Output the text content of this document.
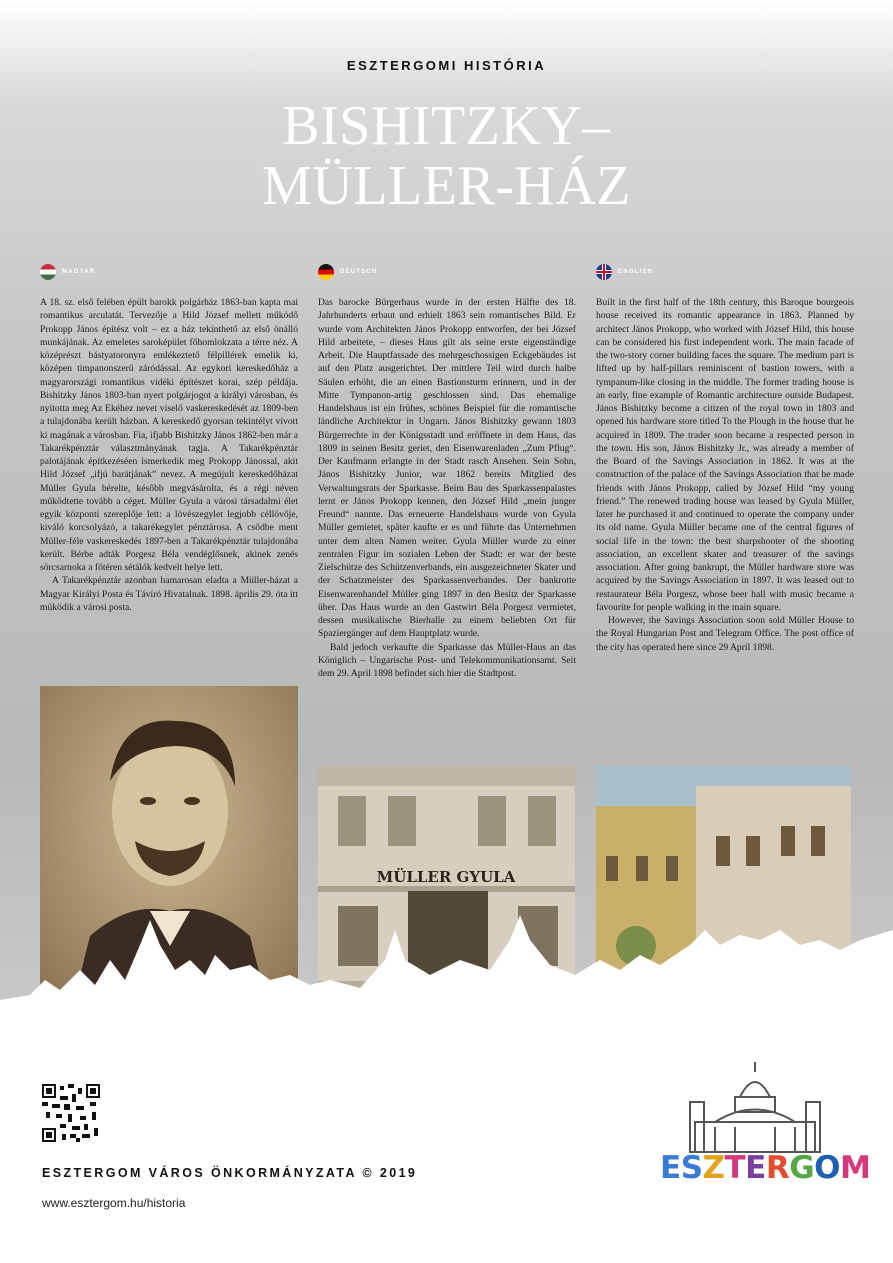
ESZTERGOMI HISTÓRIA
BISHITZKY–
MÜLLER-HÁZ
MAGYAR	DEUTSCH	ENGLISH

A 18. sz. első felében épült barokk polgárház 1863-ban kapta mai romantikus arculatát. Tervezője a Hild József mellett működő Prokopp János építész volt – ez a ház tekinthető az első önálló munkájának. Az emeletes saroképület főhomlokzata a térre néz. A középrészt bástyatoronyra emlékeztető félpillérek emelik ki, középen timpanonszerű záródással. Az egykori kereskedőház a magyarországi romantikus vidéki építészet korai, szép példája. Bishitzky János 1803-ban nyert polgárjogot a királyi városban, és nyitotta meg Az Ekéhez nevet viselő vaskereskedését az 1809-ben a tulajdonába került házban. A kereskedő gyorsan tekintélyt vívott ki magának a városban. Fia, ifjabb Bishitzky János 1862-ben már a Takarékpénztár választmányának tagja. A Takarékpénztár palotájának építkezéséen ismerkedik meg Prokopp Jánossal, akit Hild József „ifjú barátjának” nevez. A megújult kereskedőházat Müller Gyula bérelte, később megvásárolta, és a régi néven működtette tovább a céget. Müller Gyula a városi társadalmi élet egyik központi szereplője lett: a lövészegylet legjobb céllövője, kiváló korcsolyázó, a takarékegylet pénztárosa. A csődbe ment Müller-féle vaskereskedés 1897-ben a Takarékpénztár tulajdonába került. Bérbe adták Porgesz Béla vendéglősnek, akinek zenés sörcsarnoka a főtéren sétálók kedvelt helye lett.

A Takarékpénztár azonban hamarosan eladta a Müller-házat a Magyar Királyi Posta és Távíró Hivatalnak. 1898. április 29. óta itt működik a városi posta.

Das barocke Bürgerhaus wurde in der ersten Hälfte des 18. Jahrhunderts erbaut und erhielt 1863 sein romantisches Bild. Er wurde vom Architekten János Prokopp entworfen, der bei József Hild arbeitete, – dieses Haus gilt als seine erste eigenständige Arbeit. Die Hauptfassade des mehrgeschossigen Eckgebäudes ist auf den Platz ausgerichtet. Der mittlere Teil wird durch halbe Säulen erhöht, die an einen Bastionsturm erinnern, und in der Mitte Tympanon-artig geschlossen sind. Das ehemalige Handelshaus ist ein frühes, schönes Beispiel für die romantische ländliche Architektur in Ungarn. János Bishitzky gewann 1803 Bürgerrechte in der Königsstadt und eröffnete in dem Haus, das 1809 in seinen Besitz geriet, den Eisenwarenladen „Zum Pflug“. Der Kaufmann erlangte in der Stadt rasch Ansehen. Sein Sohn, János Bishitzky Junior, war 1862 bereits Mitglied des Verwaltungsrats der Sparkasse. Beim Bau des Sparkassenpalastes lernt er János Prokopp kennen, den József Hild „mein junger Freund“ nannte. Das erneuerte Handelshaus wurde von Gyula Müller gemietet, später kaufte er es und führte das Unternehmen unter dem alten Namen weiter. Gyula Müller wurde zu einer zentralen Figur im sozialen Leben der Stadt: er war der beste Zielschütze des Schützenverbands, ein ausgezeichneter Skater und der Schatzmeister des Sparkassenverbandes. Der bankrotte Eisenwarenhandel Müller ging 1897 in den Besitz der Sparkasse über. Das Haus wurde an den Gastwirt Béla Porgesz vermietet, dessen musikalische Bierhalle zu einem beliebten Ort für Spaziergänger auf dem Hauptplatz wurde.

Bald jedoch verkaufte die Sparkasse das Müller-Haus an das Königlich – Ungarische Post- und Telekommunikationsamt. Seit dem 29. April 1898 befindet sich hier die Stadtpost.

Built in the first half of the 18th century, this Baroque bourgeois house received its romantic appearance in 1863. Planned by architect János Prokopp, who worked with József Hild, this house can be considered his first independent work. The main facade of the two-story corner building faces the square. The medium part is lifted up by half-pillars reminiscent of bastion towers, with a tympanum-like closing in the middle. The former trading house is an early, fine example of Romantic architecture outside Budapest. János Bishitzky become a citizen of the royal town in 1803 and opened his hardware store titled To the Plough in the house that he acquired in 1809. The trader soon became a respected person in the town. His son, János Bishitzky Jr., was already a member of the Board of the Savings Association in 1862. It was at the construction of the palace of the Savings Association that he made friends with János Prokopp, called by József Hild “my young friend.” The renewed trading house was leased by Gyula Müller, later he purchased it and continued to operate the company under its old name. Gyula Müller became one of the central figures of social life in the town: the best sharpshooter of the shooting association, an excellent skater and treasurer of the savings association. After going bankrupt, the Müller hardware store was acquired by the Savings Association in 1897. It was leased out to restaurateur Béla Porgesz, whose beer hall with music became a favourite for people walking in the main square.

However, the Savings Association soon sold Müller House to the Royal Hungarian Post and Telegram Office. The post office of the city has operated here since 29 April 1898.

MÜLLER GYULA
ESZTERGOM VÁROS ÖNKORMÁNYZATA © 2019
www.esztergom.hu/historia
ESZTERGOM
